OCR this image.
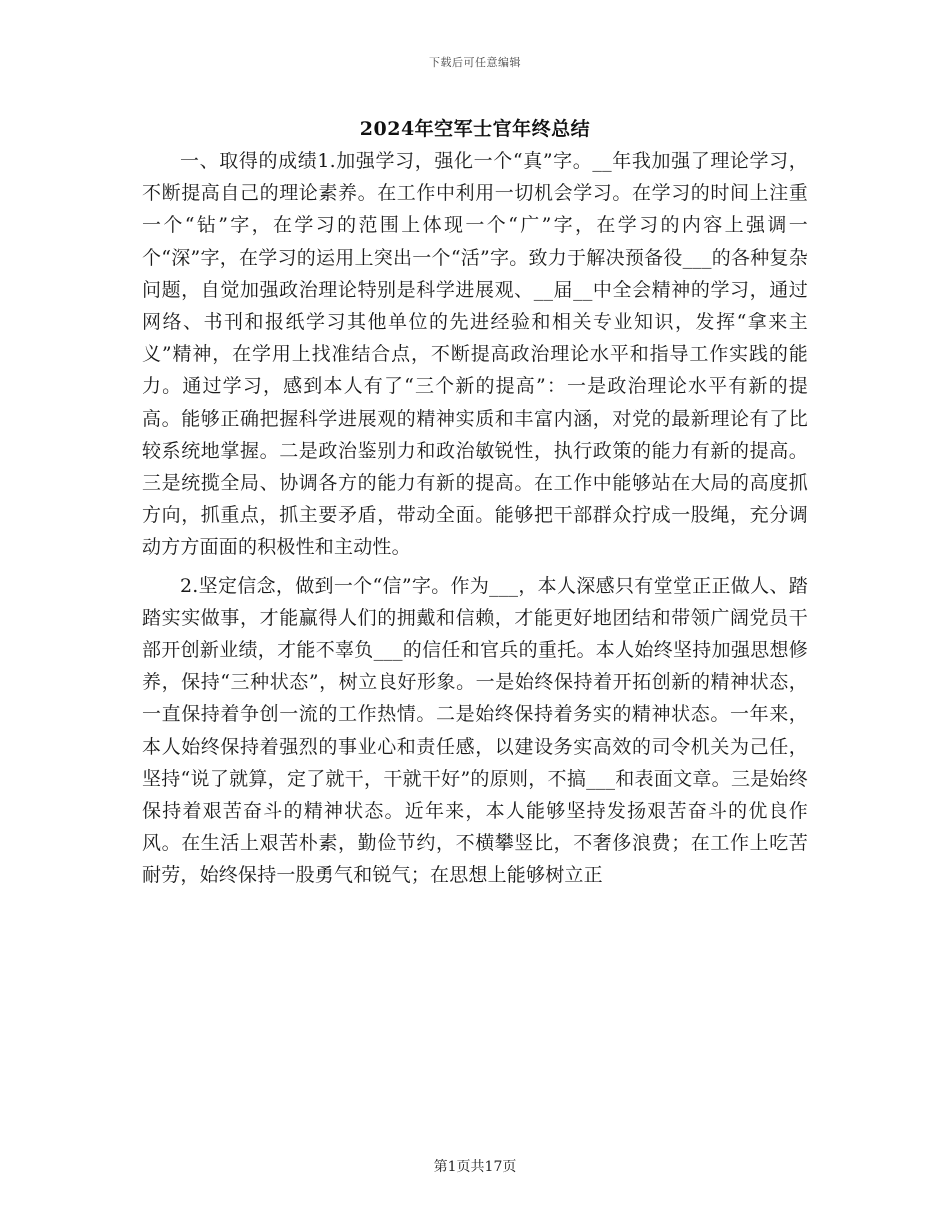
下载后可任意编辑
2024年空军士官年终总结

一、取得的成绩1.加强学习，强化一个“真”字。__年我加强了理论学习，不断提高自己的理论素养。在工作中利用一切机会学习。在学习的时间上注重一个“钻”字，在学习的范围上体现一个“广”字，在学习的内容上强调一个“深”字，在学习的运用上突出一个“活”字。致力于解决预备役___的各种复杂问题，自觉加强政治理论特别是科学进展观、__届__中全会精神的学习，通过网络、书刊和报纸学习其他单位的先进经验和相关专业知识，发挥“拿来主义”精神，在学用上找准结合点，不断提高政治理论水平和指导工作实践的能力。通过学习，感到本人有了“三个新的提高”：一是政治理论水平有新的提高。能够正确把握科学进展观的精神实质和丰富内涵，对党的最新理论有了比较系统地掌握。二是政治鉴别力和政治敏锐性，执行政策的能力有新的提高。三是统揽全局、协调各方的能力有新的提高。在工作中能够站在大局的高度抓方向，抓重点，抓主要矛盾，带动全面。能够把干部群众拧成一股绳，充分调动方方面面的积极性和主动性。

2.坚定信念，做到一个“信”字。作为___，本人深感只有堂堂正正做人、踏踏实实做事，才能赢得人们的拥戴和信赖，才能更好地团结和带领广阔党员干部开创新业绩，才能不辜负___的信任和官兵的重托。本人始终坚持加强思想修养，保持“三种状态”，树立良好形象。一是始终保持着开拓创新的精神状态，一直保持着争创一流的工作热情。二是始终保持着务实的精神状态。一年来，本人始终保持着强烈的事业心和责任感，以建设务实高效的司令机关为己任，坚持“说了就算，定了就干，干就干好”的原则，不搞___和表面文章。三是始终保持着艰苦奋斗的精神状态。近年来，本人能够坚持发扬艰苦奋斗的优良作风。在生活上艰苦朴素，勤俭节约，不横攀竖比，不奢侈浪费；在工作上吃苦耐劳，始终保持一股勇气和锐气；在思想上能够树立正

第1页共17页
